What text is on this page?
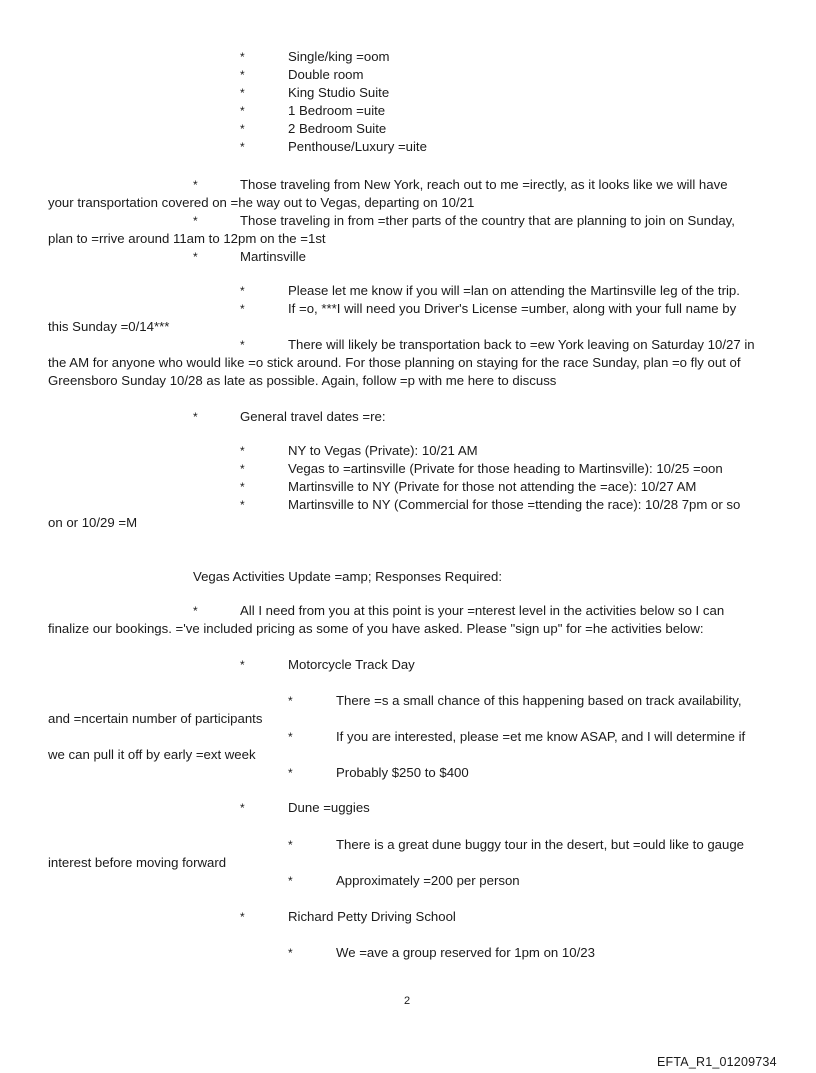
*	Single/king =oom
*	Double room
*	King Studio Suite
*	1 Bedroom =uite
*	2 Bedroom Suite
*	Penthouse/Luxury =uite
*	Those traveling from New York, reach out to me =irectly, as it looks like we will have
your transportation covered on =he way out to Vegas, departing on 10/21
*	Those traveling in from =ther parts of the country that are planning to join on Sunday,
plan to =rrive around 11am to 12pm on the =1st
*	Martinsville
*	Please let me know if you will =lan on attending the Martinsville leg of the trip.
*	If =o, ***I will need you Driver's License =umber, along with your full name by
this Sunday =0/14***
*	There will likely be transportation back to =ew York leaving on Saturday 10/27 in
the AM for anyone who would like =o stick around. For those planning on staying for the race Sunday, plan =o fly out of
Greensboro Sunday 10/28 as late as possible. Again, follow =p with me here to discuss
*	General travel dates =re:
*	NY to Vegas (Private): 10/21 AM
*	Vegas to =artinsville (Private for those heading to Martinsville): 10/25 =oon
*	Martinsville to NY (Private for those not attending the =ace): 10/27 AM
*	Martinsville to NY (Commercial for those =ttending the race): 10/28 7pm or so
on or 10/29 =M
Vegas Activities Update =amp; Responses Required:
*	All I need from you at this point is your =nterest level in the activities below so I can
finalize our bookings. ='ve included pricing as some of you have asked. Please "sign up" for =he activities below:
*	Motorcycle Track Day
*	There =s a small chance of this happening based on track availability,
and =ncertain number of participants
*	If you are interested, please =et me know ASAP, and I will determine if
we can pull it off by early =ext week
*	Probably $250 to $400
*	Dune =uggies
*	There is a great dune buggy tour in the desert, but =ould like to gauge
interest before moving forward
*	Approximately =200 per person
*	Richard Petty Driving School
*	We =ave a group reserved for 1pm on 10/23
2
EFTA_R1_01209734
